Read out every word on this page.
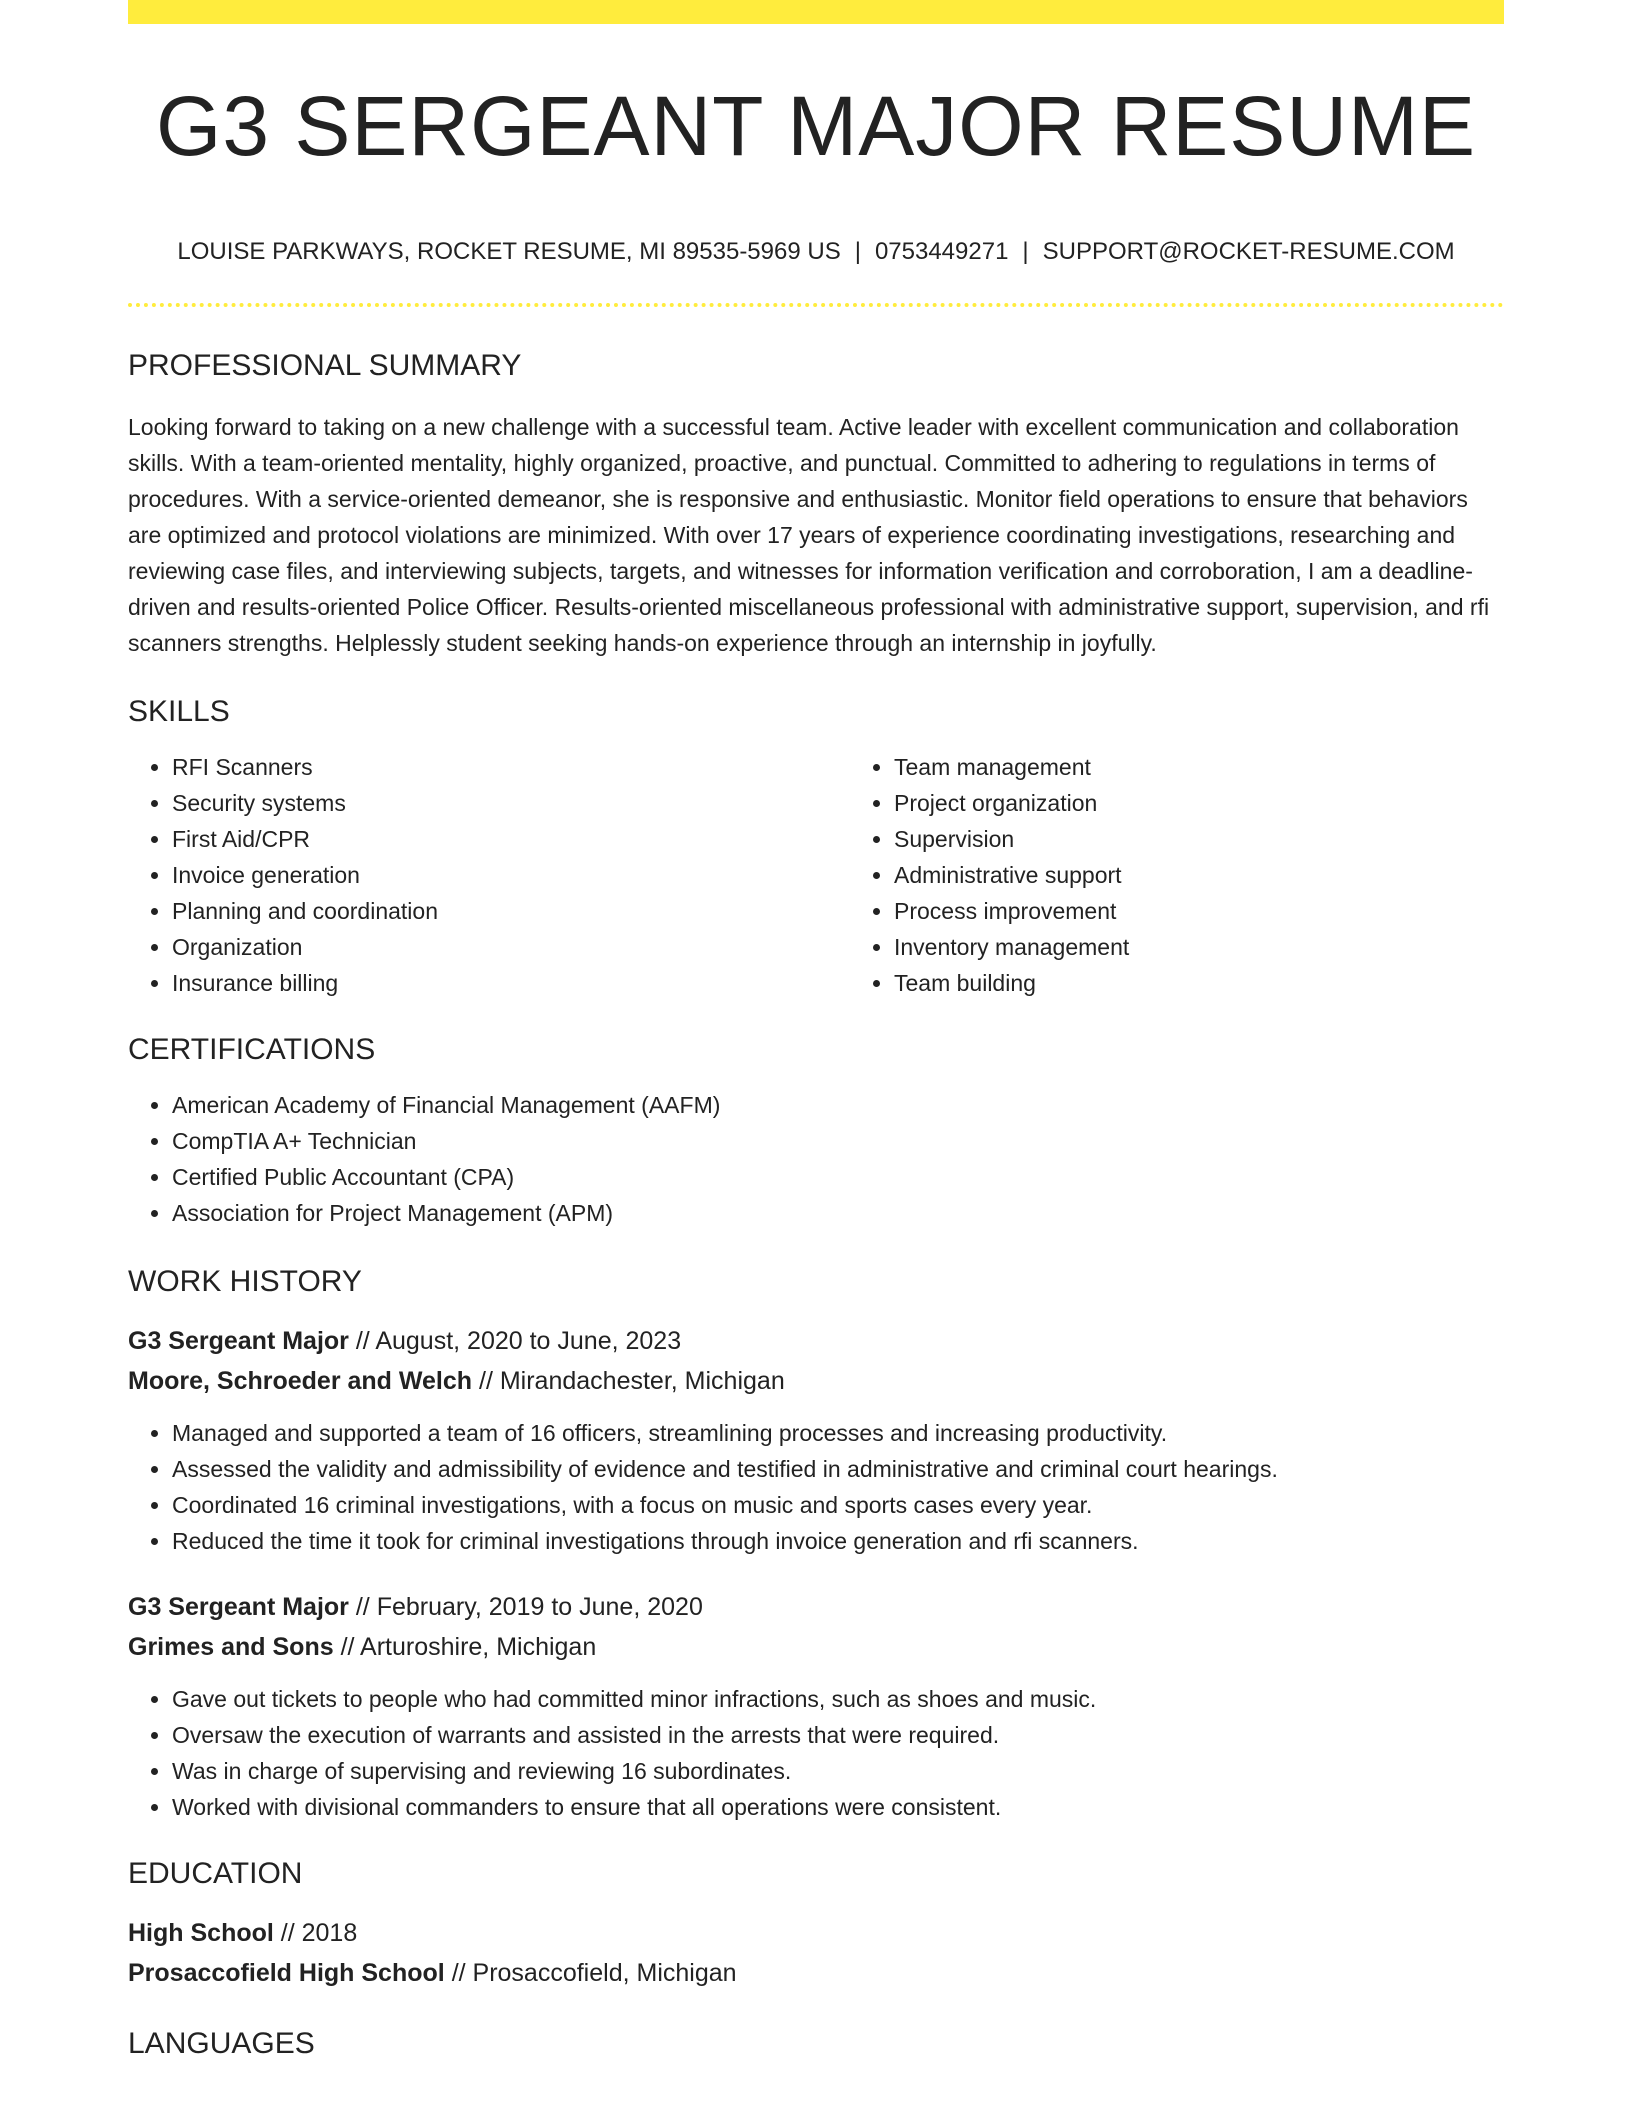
G3 SERGEANT MAJOR RESUME
LOUISE PARKWAYS, ROCKET RESUME, MI 89535-5969 US | 0753449271 | SUPPORT@ROCKET-RESUME.COM
PROFESSIONAL SUMMARY

Looking forward to taking on a new challenge with a successful team. Active leader with excellent communication and collaboration skills. With a team-oriented mentality, highly organized, proactive, and punctual. Committed to adhering to regulations in terms of procedures. With a service-oriented demeanor, she is responsive and enthusiastic. Monitor field operations to ensure that behaviors are optimized and protocol violations are minimized. With over 17 years of experience coordinating investigations, researching and reviewing case files, and interviewing subjects, targets, and witnesses for information verification and corroboration, I am a deadline-driven and results-oriented Police Officer. Results-oriented miscellaneous professional with administrative support, supervision, and rfi scanners strengths. Helplessly student seeking hands-on experience through an internship in joyfully.

SKILLS
• RFI Scanners
• Security systems
• First Aid/CPR
• Invoice generation
• Planning and coordination
• Organization
• Insurance billing
• Team management
• Project organization
• Supervision
• Administrative support
• Process improvement
• Inventory management
• Team building
CERTIFICATIONS
• American Academy of Financial Management (AAFM)
• CompTIA A+ Technician
• Certified Public Accountant (CPA)
• Association for Project Management (APM)
WORK HISTORY
G3 Sergeant Major // August, 2020 to June, 2023
Moore, Schroeder and Welch // Mirandachester, Michigan
• Managed and supported a team of 16 officers, streamlining processes and increasing productivity.
• Assessed the validity and admissibility of evidence and testified in administrative and criminal court hearings.
• Coordinated 16 criminal investigations, with a focus on music and sports cases every year.
• Reduced the time it took for criminal investigations through invoice generation and rfi scanners.
G3 Sergeant Major // February, 2019 to June, 2020
Grimes and Sons // Arturoshire, Michigan
• Gave out tickets to people who had committed minor infractions, such as shoes and music.
• Oversaw the execution of warrants and assisted in the arrests that were required.
• Was in charge of supervising and reviewing 16 subordinates.
• Worked with divisional commanders to ensure that all operations were consistent.
EDUCATION
High School // 2018
Prosaccofield High School // Prosaccofield, Michigan
LANGUAGES
